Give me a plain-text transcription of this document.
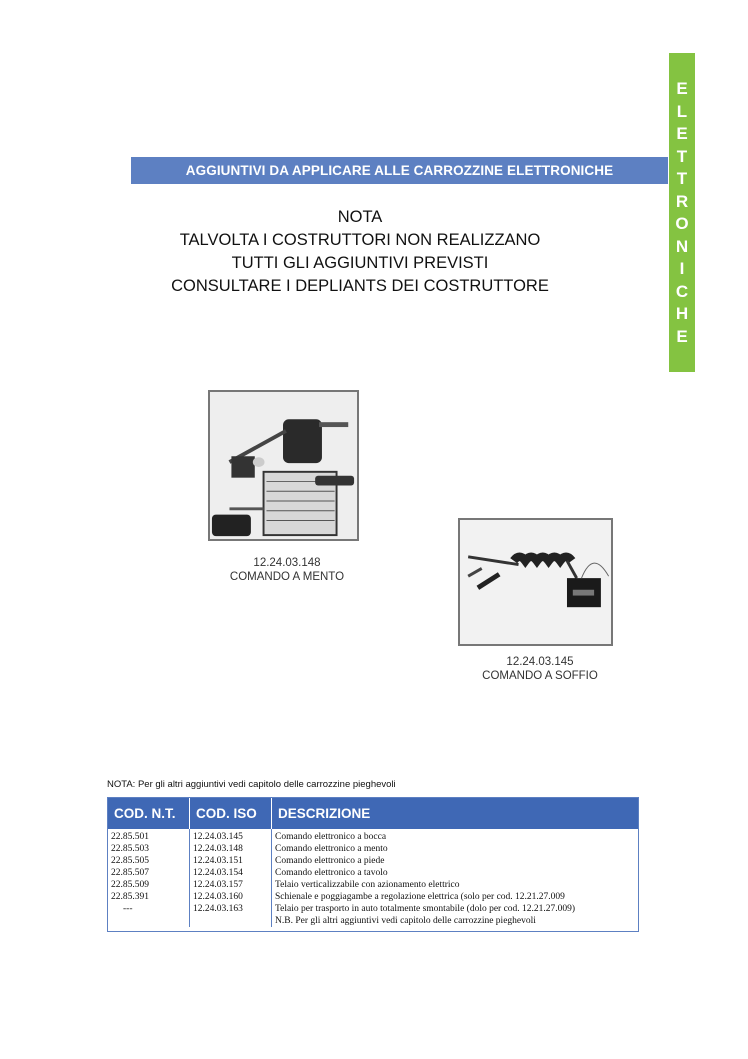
E
L
E
T
T
R
O
N
I
C
H
E
AGGIUNTIVI DA APPLICARE ALLE CARROZZINE ELETTRONICHE
NOTA
TALVOLTA I COSTRUTTORI NON REALIZZANO
TUTTI GLI AGGIUNTIVI PREVISTI
CONSULTARE I DEPLIANTS DEI COSTRUTTORE
12.24.03.148
COMANDO A MENTO
12.24.03.145
COMANDO A SOFFIO
NOTA: Per gli altri aggiuntivi vedi capitolo delle carrozzine pieghevoli
COD. N.T.	COD. ISO	DESCRIZIONE
22.85.501
22.85.503
22.85.505
22.85.507
22.85.509
22.85.391
---
12.24.03.145
12.24.03.148
12.24.03.151
12.24.03.154
12.24.03.157
12.24.03.160
12.24.03.163
Comando elettronico a bocca
Comando elettronico a mento
Comando elettronico a piede
Comando elettronico a tavolo
Telaio verticalizzabile con azionamento elettrico
Schienale e poggiagambe a regolazione elettrica (solo per cod. 12.21.27.009
Telaio per trasporto in auto totalmente smontabile (dolo per cod. 12.21.27.009)
N.B. Per gli altri aggiuntivi vedi capitolo delle carrozzine pieghevoli
